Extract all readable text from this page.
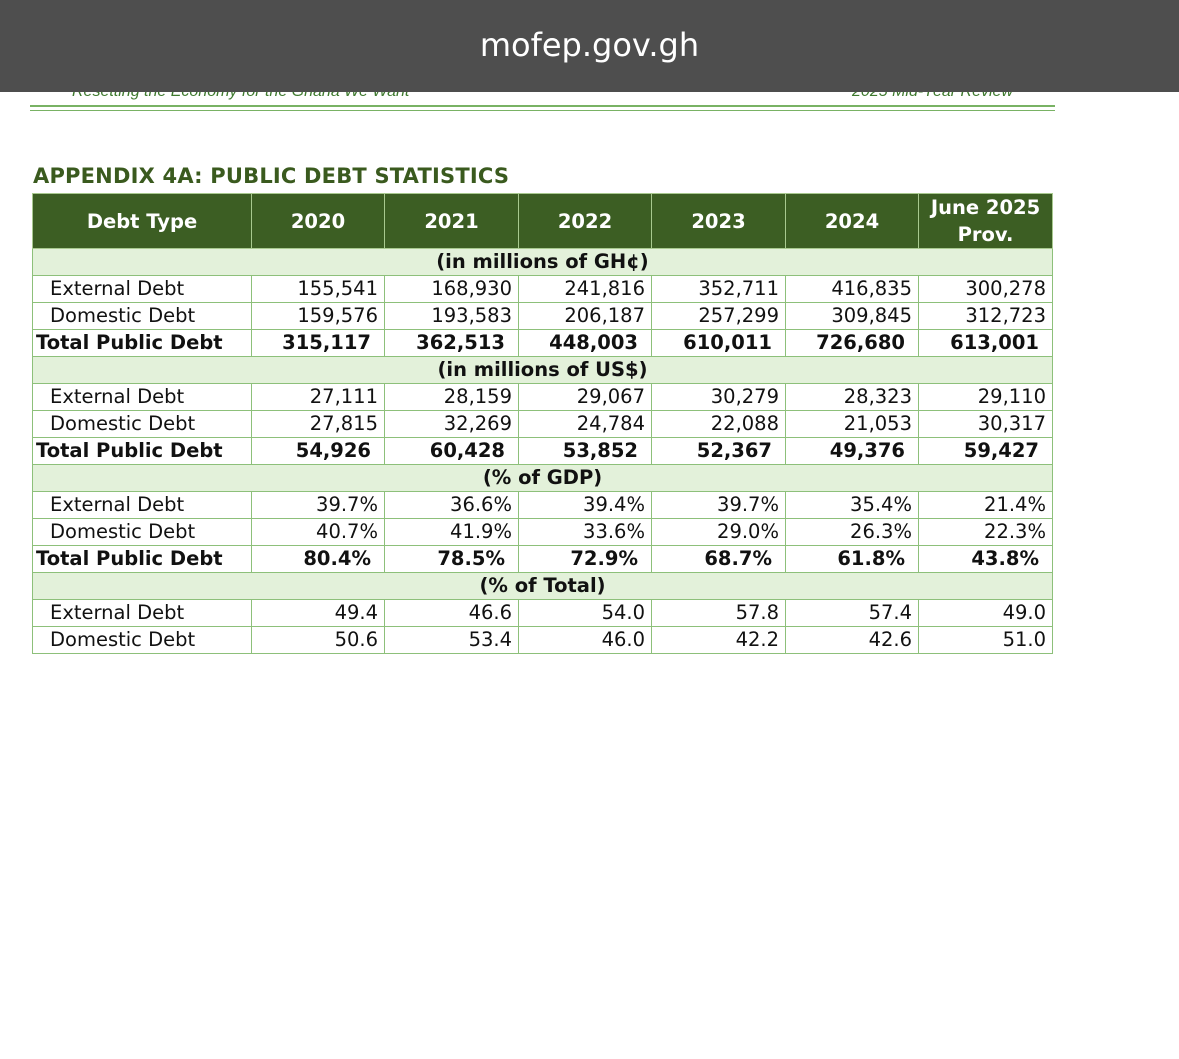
mofep.gov.gh
APPENDIX 4A: PUBLIC DEBT STATISTICS
Debt Type	2020	2021	2022	2023	2024	June 2025
Prov.
(in millions of GH¢)						
External Debt	155,541	168,930	241,816	352,711	416,835	300,278
Domestic Debt	159,576	193,583	206,187	257,299	309,845	312,723
Total Public Debt	315,117	362,513	448,003	610,011	726,680	613,001
(in millions of US$)						
External Debt	27,111	28,159	29,067	30,279	28,323	29,110
Domestic Debt	27,815	32,269	24,784	22,088	21,053	30,317
Total Public Debt	54,926	60,428	53,852	52,367	49,376	59,427
(% of GDP)						
External Debt	39.7%	36.6%	39.4%	39.7%	35.4%	21.4%
Domestic Debt	40.7%	41.9%	33.6%	29.0%	26.3%	22.3%
Total Public Debt	80.4%	78.5%	72.9%	68.7%	61.8%	43.8%
(% of Total)						
External Debt	49.4	46.6	54.0	57.8	57.4	49.0
Domestic Debt	50.6	53.4	46.0	42.2	42.6	51.0
